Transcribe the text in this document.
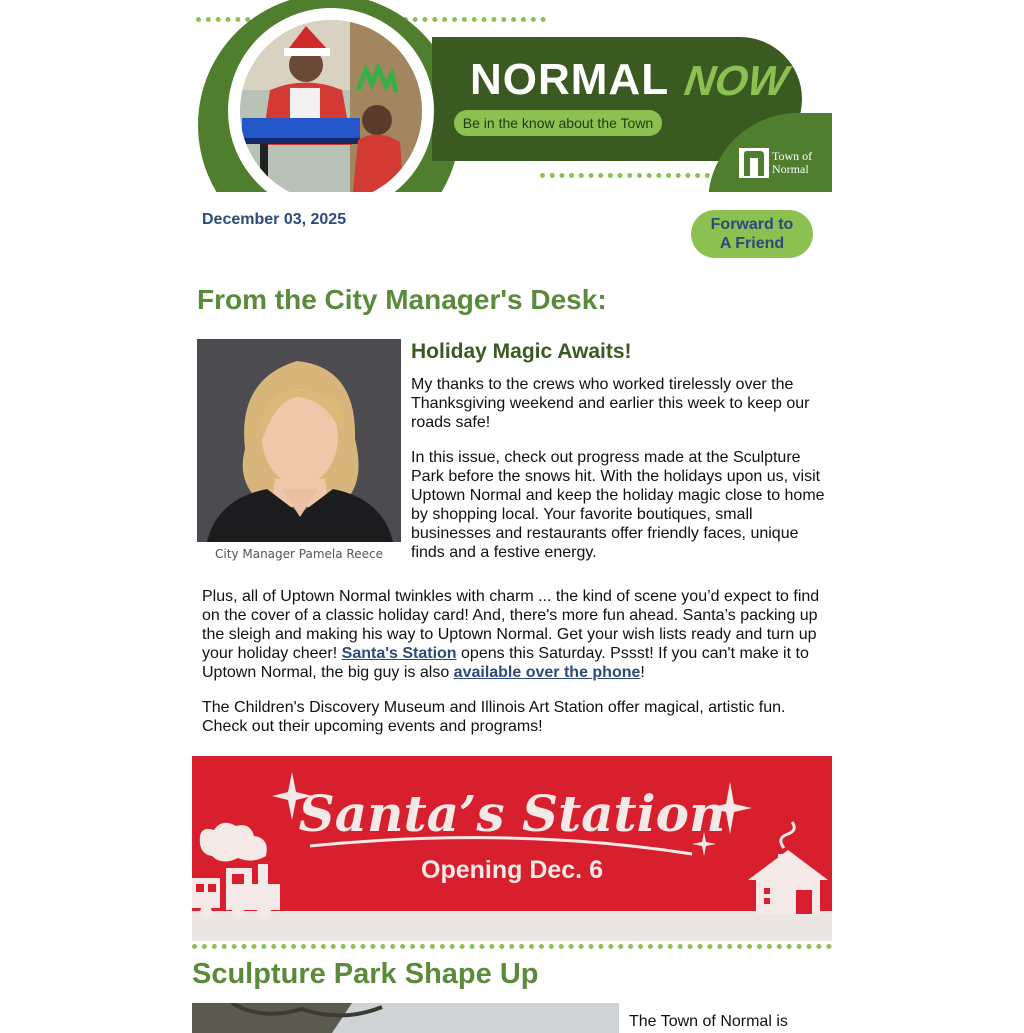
NORMAL NOW
Be in the know about the Town
Town of
Normal
December 03, 2025	Forward to
A Friend
From the City Manager's Desk:
City Manager Pamela Reece
Holiday Magic Awaits!

My thanks to the crews who worked tirelessly over the Thanksgiving weekend and earlier this week to keep our roads safe!

In this issue, check out progress made at the Sculpture Park before the snows hit. With the holidays upon us, visit Uptown Normal and keep the holiday magic close to home by shopping local. Your favorite boutiques, small businesses and restaurants offer friendly faces, unique finds and a festive energy.

Plus, all of Uptown Normal twinkles with charm ... the kind of scene you’d expect to find on the cover of a classic holiday card! And, there's more fun ahead. Santa’s packing up the sleigh and making his way to Uptown Normal. Get your wish lists ready and turn up your holiday cheer! Santa's Station opens this Saturday. Pssst! If you can't make it to Uptown Normal, the big guy is also available over the phone!

The Children's Discovery Museum and Illinois Art Station offer magical, artistic fun. Check out their upcoming events and programs!

Santa’s Station
Opening Dec. 6
Sculpture Park Shape Up

The Town of Normal is
